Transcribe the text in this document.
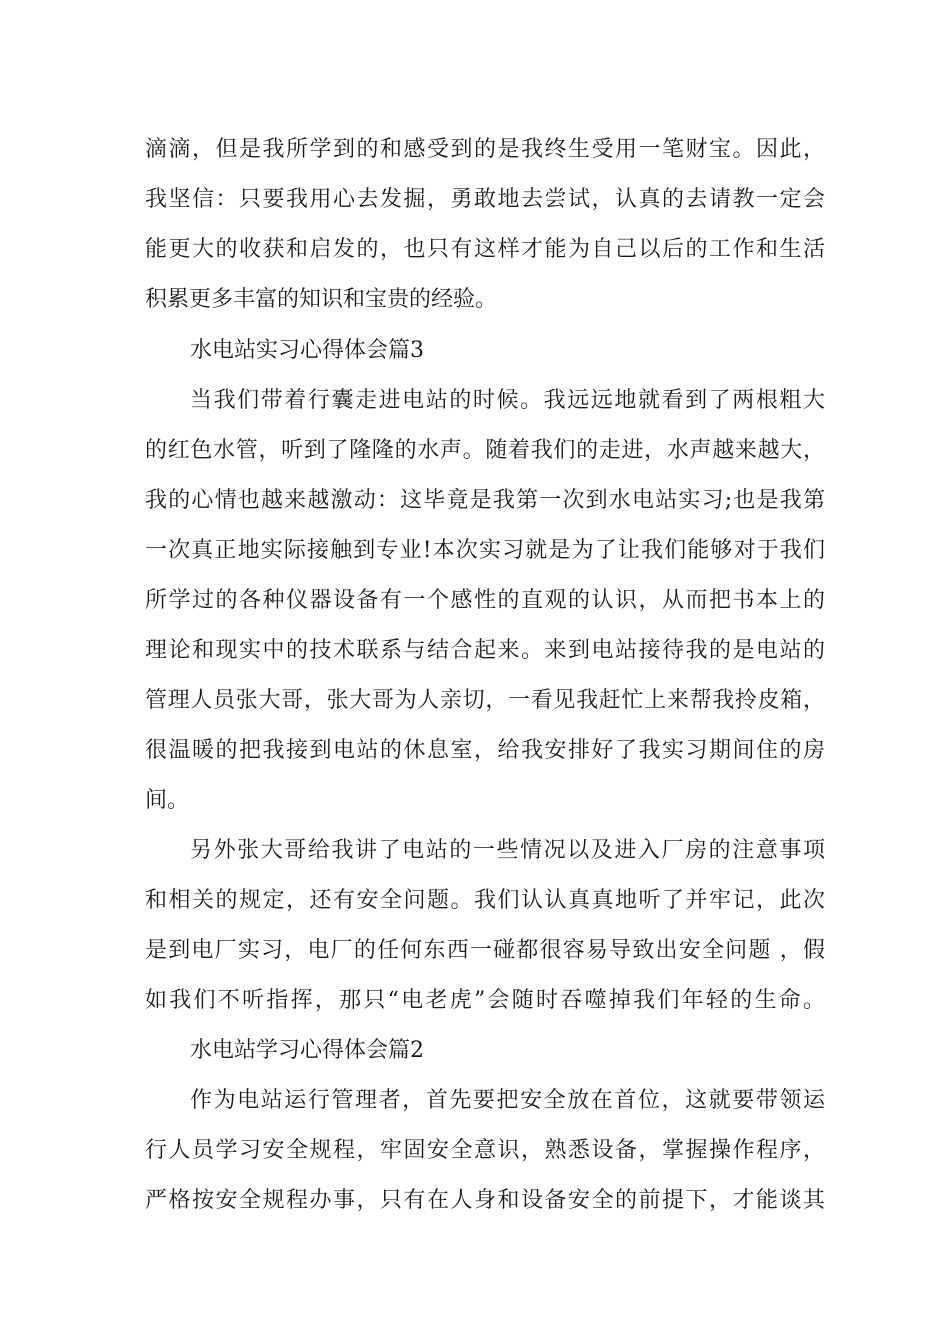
滴滴，但是我所学到的和感受到的是我终生受用一笔财宝。因此，
我坚信：只要我用心去发掘，勇敢地去尝试，认真的去请教一定会
能更大的收获和启发的，也只有这样才能为自己以后的工作和生活
积累更多丰富的知识和宝贵的经验。
水电站实习心得体会篇3
当我们带着行囊走进电站的时候。我远远地就看到了两根粗大
的红色水管，听到了隆隆的水声。随着我们的走进，水声越来越大，
我的心情也越来越激动：这毕竟是我第一次到水电站实习;也是我第
一次真正地实际接触到专业!本次实习就是为了让我们能够对于我们
所学过的各种仪器设备有一个感性的直观的认识，从而把书本上的
理论和现实中的技术联系与结合起来。来到电站接待我的是电站的
管理人员张大哥，张大哥为人亲切，一看见我赶忙上来帮我拎皮箱，
很温暖的把我接到电站的休息室，给我安排好了我实习期间住的房
间。
另外张大哥给我讲了电站的一些情况以及进入厂房的注意事项
和相关的规定，还有安全问题。我们认认真真地听了并牢记，此次
是到电厂实习，电厂的任何东西一碰都很容易导致出安全问题 ，假
如我们不听指挥，那只“电老虎”会随时吞噬掉我们年轻的生命。
水电站学习心得体会篇2
作为电站运行管理者，首先要把安全放在首位，这就要带领运
行人员学习安全规程，牢固安全意识，熟悉设备，掌握操作程序，
严格按安全规程办事，只有在人身和设备安全的前提下，才能谈其
